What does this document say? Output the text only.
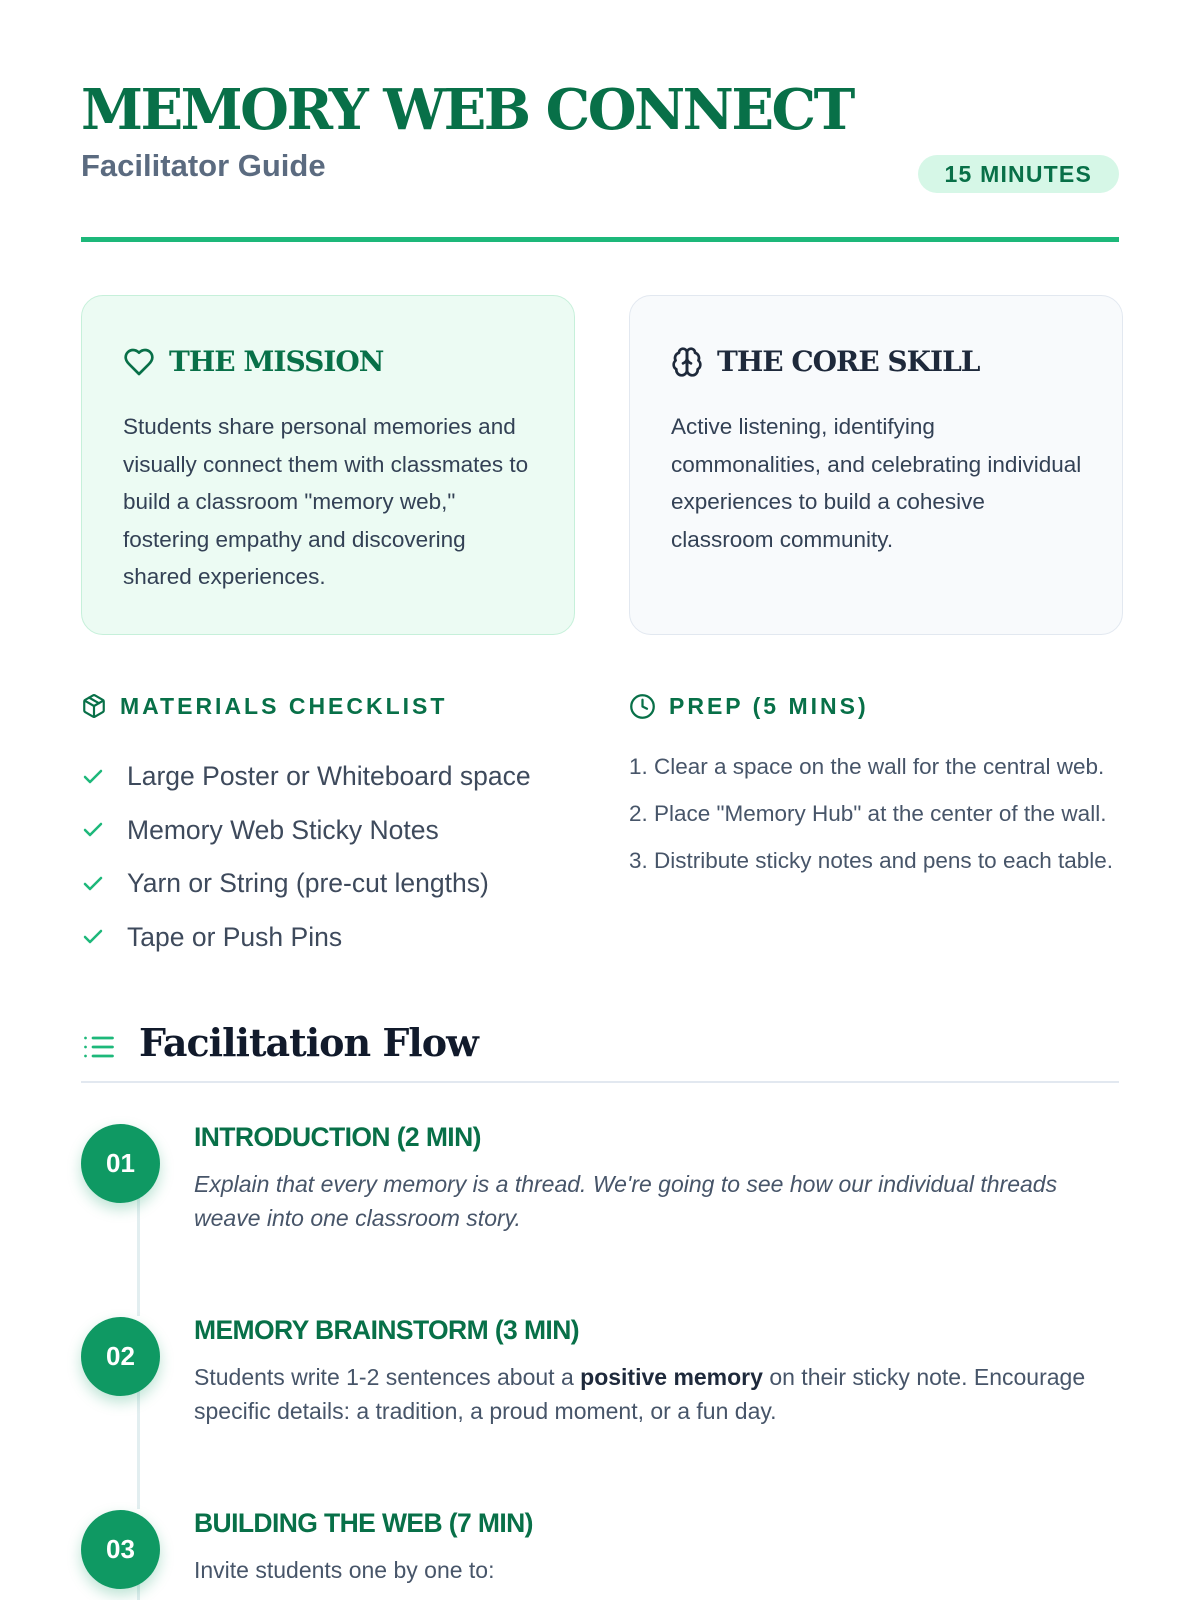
MEMORY WEB CONNECT
Facilitator Guide	15 MINUTES
THE MISSION

Students share personal memories and visually connect them with classmates to build a classroom "memory web," fostering empathy and discovering shared experiences.

THE CORE SKILL

Active listening, identifying commonalities, and celebrating individual experiences to build a cohesive classroom community.

MATERIALS CHECKLIST	PREP (5 MINS)
Large Poster or Whiteboard space
Memory Web Sticky Notes
Yarn or String (pre-cut lengths)
Tape or Push Pins

1. Clear a space on the wall for the central web.

2. Place "Memory Hub" at the center of the wall.

3. Distribute sticky notes and pens to each table.

Facilitation Flow
01
INTRODUCTION (2 MIN)

Explain that every memory is a thread. We're going to see how our individual threads weave into one classroom story.

02
MEMORY BRAINSTORM (3 MIN)

Students write 1-2 sentences about a positive memory on their sticky note. Encourage specific details: a tradition, a proud moment, or a fun day.

03
BUILDING THE WEB (7 MIN)

Invite students one by one to:
